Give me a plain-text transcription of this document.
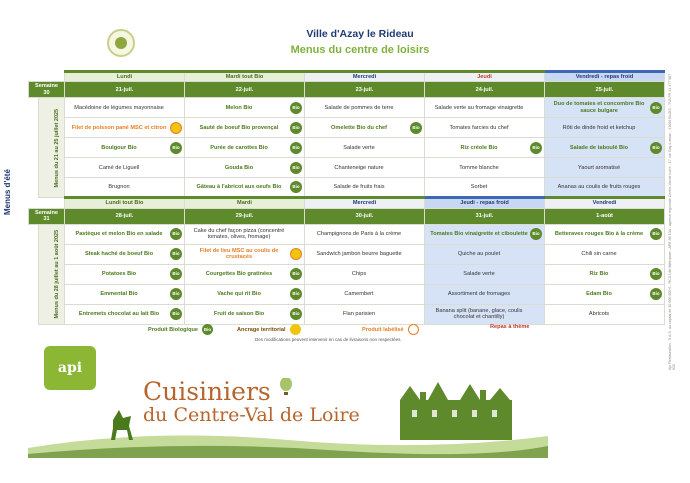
Ville d'Azay le Rideau
Menus du centre de loisirs
Menus d'été
		Lundi	Mardi tout Bio	Mercredi	Jeudi	Vendredi - repas froid
Semaine 30		21-juil.	22-juil.	23-juil.	24-juil.	25-juil.

	Menus du 21 au 25 juillet 2025	Macédoine de légumes mayonnaise	Melon Bio Bio	Salade de pommes de terre	Salade verte au fromage vinaigrette	Duo de tomates et concombre Bio sauce bulgare
Bio

		Filet de poisson pané MSC et citron	Sauté de boeuf Bio provençal Bio	Omelette Bio du chef Bio	Tomates farcies du chef	Rôti de dinde froid et ketchup

		Boulgour Bio Bio	Purée de carottes Bio Bio	Salade verte	Riz créole Bio Bio	Salade de taboulé Bio Bio

		Camé de Liguell	Gouda Bio Bio	Chanteneige nature	Tomme blanche	Yaourt aromatisé

		Brugnon	Gâteau à l'abricot aux oeufs Bio Bio	Salade de fruits frais	Sorbet	Ananas au coulis de fruits rouges

		Lundi tout Bio	Mardi	Mercredi	Jeudi - repas froid	Vendredi
Semaine 31		28-juil.	29-juil.	30-juil.	31-juil.	1-août

	Menus du 28 juillet au 1 août 2025	Pastèque et melon Bio en salade Bio	Cake du chef façon pizza (concentré tomates, olives, fromage)	Champignons de Paris à la crème	Tomates Bio vinaigrette et ciboulette Bio	Betteraves rouges Bio à la crème Bio

		Steak haché de boeuf Bio Bio	Filet de lieu MSC au coulis de crustacés	Sandwich jambon beurre baguette	Quiche au poulet	Chili sin carne

		Potatoes Bio Bio	Courgettes Bio gratinées Bio	Chips	Salade verte	Riz Bio Bio

		Emmental Bio Bio	Vache qui rit Bio Bio	Camembert	Assortiment de fromages	Edam Bio Bio

		Entremets chocolat au lait Bio Bio	Fruit de saison Bio Bio	Flan parisien	Banana split (banane, glace, coulis chocolat et chantilly)	Abricots
Produit Biologique Bio	Ancrage territorial	Produit labélisé	Repas à thème
Des modifications peuvent intervenir en cas de livraisons non respectées.	Api Restauration - S.A.S. au capital de 10 000 000 € - RCS Lille Métropole - APE 56 10A - agence régionale Centre-Val de Loire - 17 rue Gay-Lussac - 41000 BLOIS - TVA FR 41 477 587 030
api
Cuisiniers
du Centre-Val de Loire
